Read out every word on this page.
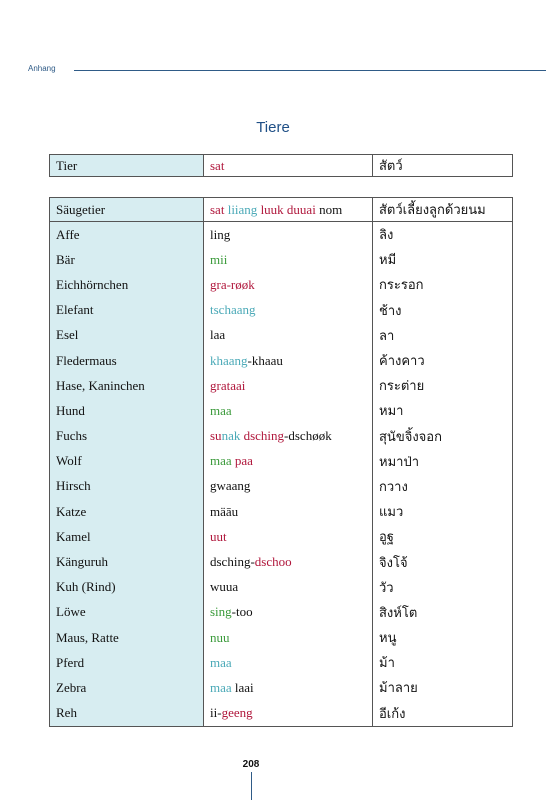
Anhang
Tiere
Tier	sat	สัตว์
Säugetier	sat liiang luuk duuai nom	สัตว์เลี้ยงลูกด้วยนม
Affe	ling	ลิง
Bär	mii	หมี
Eichhörnchen	gra-røøk	กระรอก
Elefant	tschaang	ช้าง
Esel	laa	ลา
Fledermaus	khaang-khaau	ค้างคาว
Hase, Kaninchen	grataai	กระต่าย
Hund	maa	หมา
Fuchs	sunak dsching-dschøøk	สุนัขจิ้งจอก
Wolf	maa paa	หมาป่า
Hirsch	gwaang	กวาง
Katze	mäāu	แมว
Kamel	uut	อูฐ
Känguruh	dsching-dschoo	จิงโจ้
Kuh (Rind)	wuua	วัว
Löwe	sing-too	สิงห์โต
Maus, Ratte	nuu	หนู
Pferd	maa	ม้า
Zebra	maa laai	ม้าลาย
Reh	ii-geeng	อีเก้ง
208
